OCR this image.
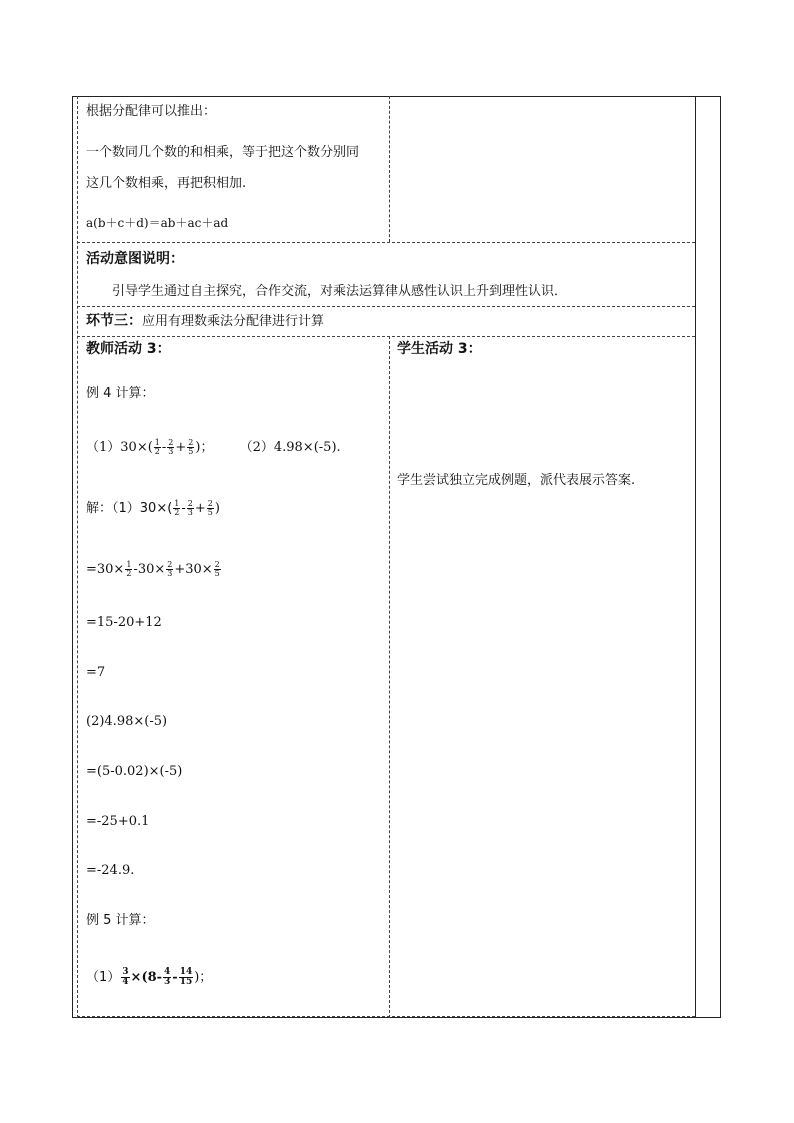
根据分配律可以推出：
一个数同几个数的和相乘，等于把这个数分别同
这几个数相乘，再把积相加.
a(b＋c＋d)＝ab＋ac＋ad
活动意图说明：
引导学生通过自主探究，合作交流，对乘法运算律从感性认识上升到理性认识．
环节三：应用有理数乘法分配律进行计算
教师活动 3：	学生活动 3：
例 4 计算：
$(1)30\times( \frac{1}{2} - \frac{2}{3} + \frac{2}{5}$ )； （2）4.98×(-5).
学生尝试独立完成例题，派代表展示答案.
解：$(1)30\times( \frac{1}{2} - \frac{2}{3} + \frac{2}{5}$ )
$=30\times \frac{1}{2} -30\times \frac{2}{3} +30\times \frac{2}{5}$
=15-20+12
=7
(2)4.98×(-5)
=(5-0.02)×(-5)
=-25+0.1
=-24.9.
例 5 计算：
$(1) \frac{3}{4} \times(8- \frac{4}{3} - \frac{14}{15}$ )；
